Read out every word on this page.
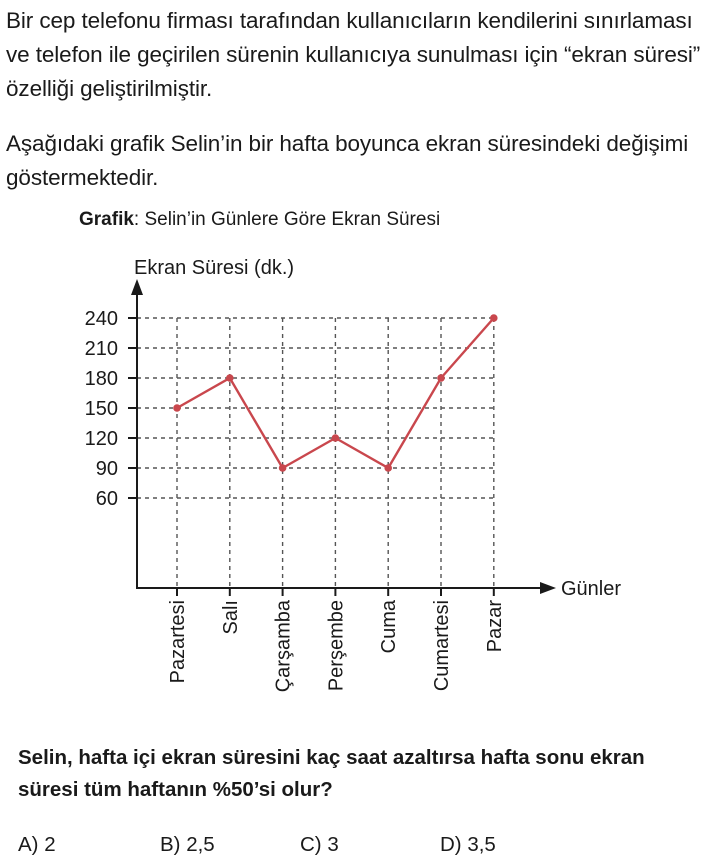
Bir cep telefonu firması tarafından kullanıcıların kendilerini sınırlaması ve telefon ile geçirilen sürenin kullanıcıya sunulması için “ekran süresi” özelliği geliştirilmiştir.

Aşağıdaki grafik Selin’in bir hafta boyunca ekran süresindeki değişimi göstermektedir.

Grafik: Selin’in Günlere Göre Ekran Süresi
Ekran Süresi (dk.)
Günler
60
90
120
150
180
210
240
Pazartesi Salı Çarşamba Perşembe Cuma Cumartesi Pazar

Selin, hafta içi ekran süresini kaç saat azaltırsa hafta sonu ekran süresi tüm haftanın %50’si olur?

A) 2	B) 2,5	C) 3	D) 3,5
